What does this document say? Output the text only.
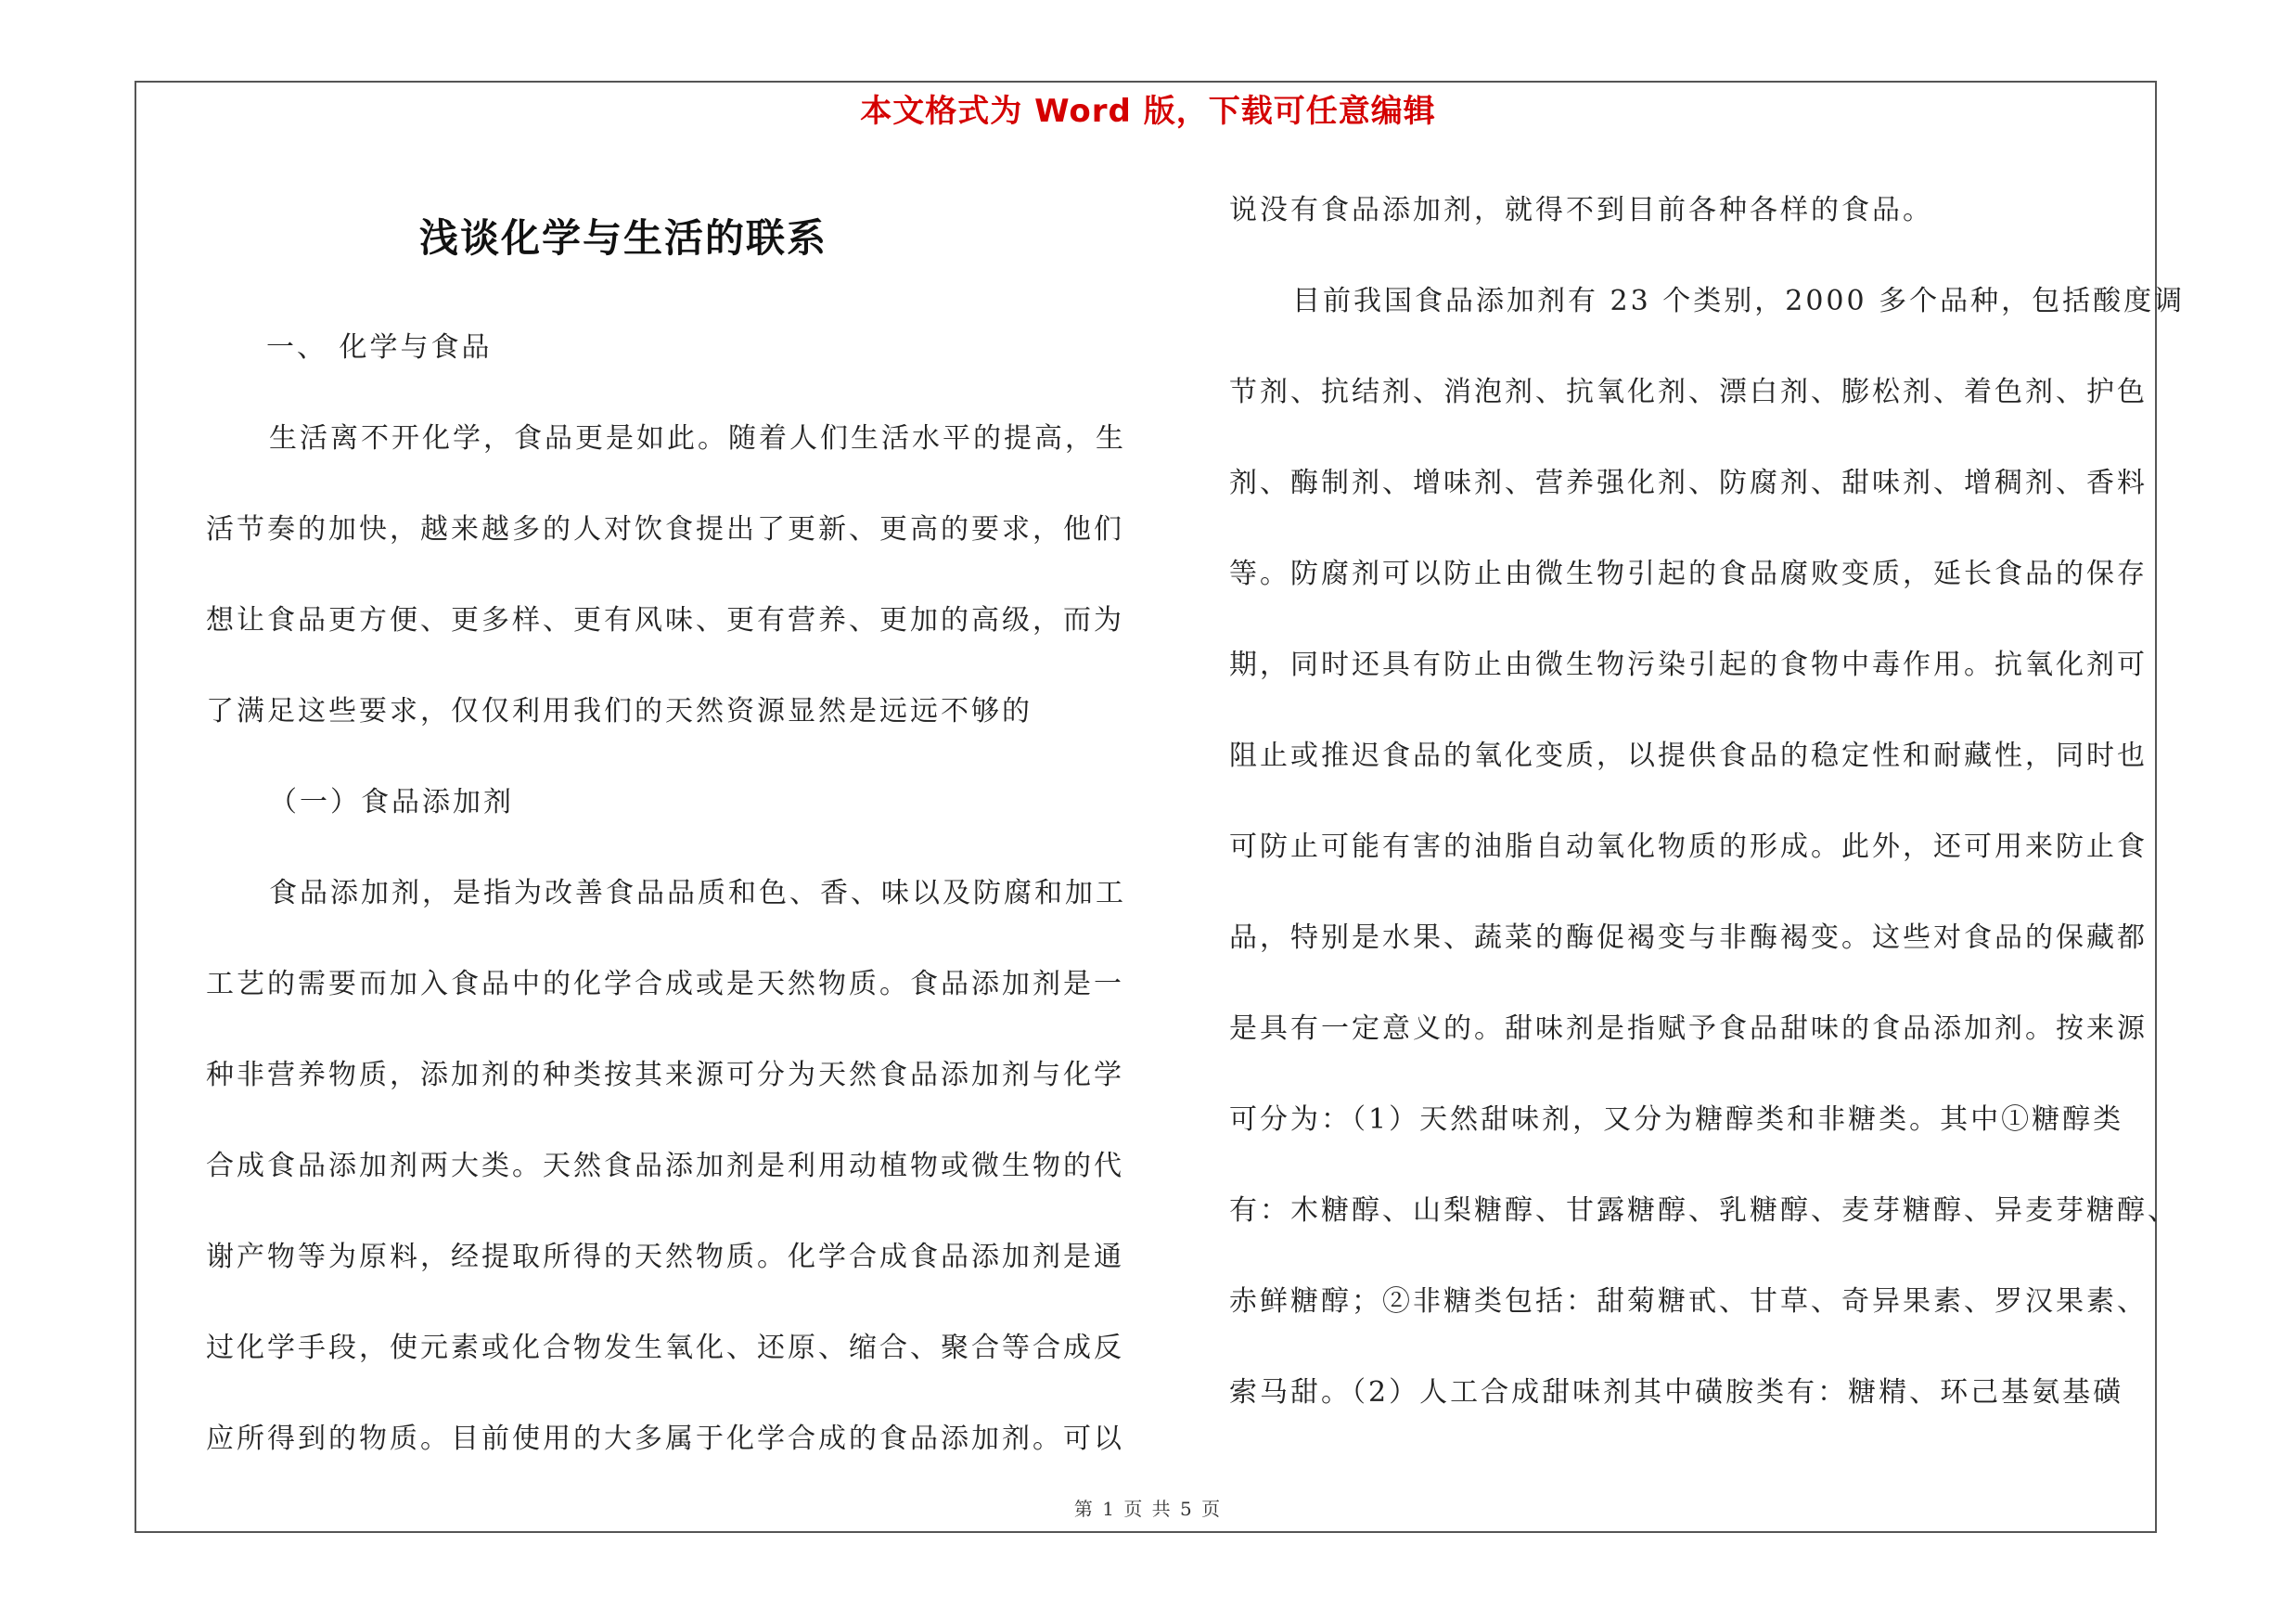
本文格式为 Word 版，下载可任意编辑
浅谈化学与生活的联系
一、 化学与食品
生活离不开化学，食品更是如此。随着人们生活水平的提高，生
活节奏的加快，越来越多的人对饮食提出了更新、更高的要求，他们
想让食品更方便、更多样、更有风味、更有营养、更加的高级，而为
了满足这些要求，仅仅利用我们的天然资源显然是远远不够的
（一）食品添加剂
食品添加剂，是指为改善食品品质和色、香、味以及防腐和加工
工艺的需要而加入食品中的化学合成或是天然物质。食品添加剂是一
种非营养物质，添加剂的种类按其来源可分为天然食品添加剂与化学
合成食品添加剂两大类。天然食品添加剂是利用动植物或微生物的代
谢产物等为原料，经提取所得的天然物质。化学合成食品添加剂是通
过化学手段，使元素或化合物发生氧化、还原、缩合、聚合等合成反
应所得到的物质。目前使用的大多属于化学合成的食品添加剂。可以
说没有食品添加剂，就得不到目前各种各样的食品。
目前我国食品添加剂有 23 个类别，2000 多个品种，包括酸度调
节剂、抗结剂、消泡剂、抗氧化剂、漂白剂、膨松剂、着色剂、护色
剂、酶制剂、增味剂、营养强化剂、防腐剂、甜味剂、增稠剂、香料
等。防腐剂可以防止由微生物引起的食品腐败变质，延长食品的保存
期，同时还具有防止由微生物污染引起的食物中毒作用。抗氧化剂可
阻止或推迟食品的氧化变质，以提供食品的稳定性和耐藏性，同时也
可防止可能有害的油脂自动氧化物质的形成。此外，还可用来防止食
品，特别是水果、蔬菜的酶促褐变与非酶褐变。这些对食品的保藏都
是具有一定意义的。甜味剂是指赋予食品甜味的食品添加剂。按来源
可分为：（1）天然甜味剂，又分为糖醇类和非糖类。其中①糖醇类
有：木糖醇、山梨糖醇、甘露糖醇、乳糖醇、麦芽糖醇、异麦芽糖醇、
赤鲜糖醇；②非糖类包括：甜菊糖甙、甘草、奇异果素、罗汉果素、
索马甜。（2）人工合成甜味剂其中磺胺类有：糖精、环己基氨基磺
第 1 页 共 5 页
